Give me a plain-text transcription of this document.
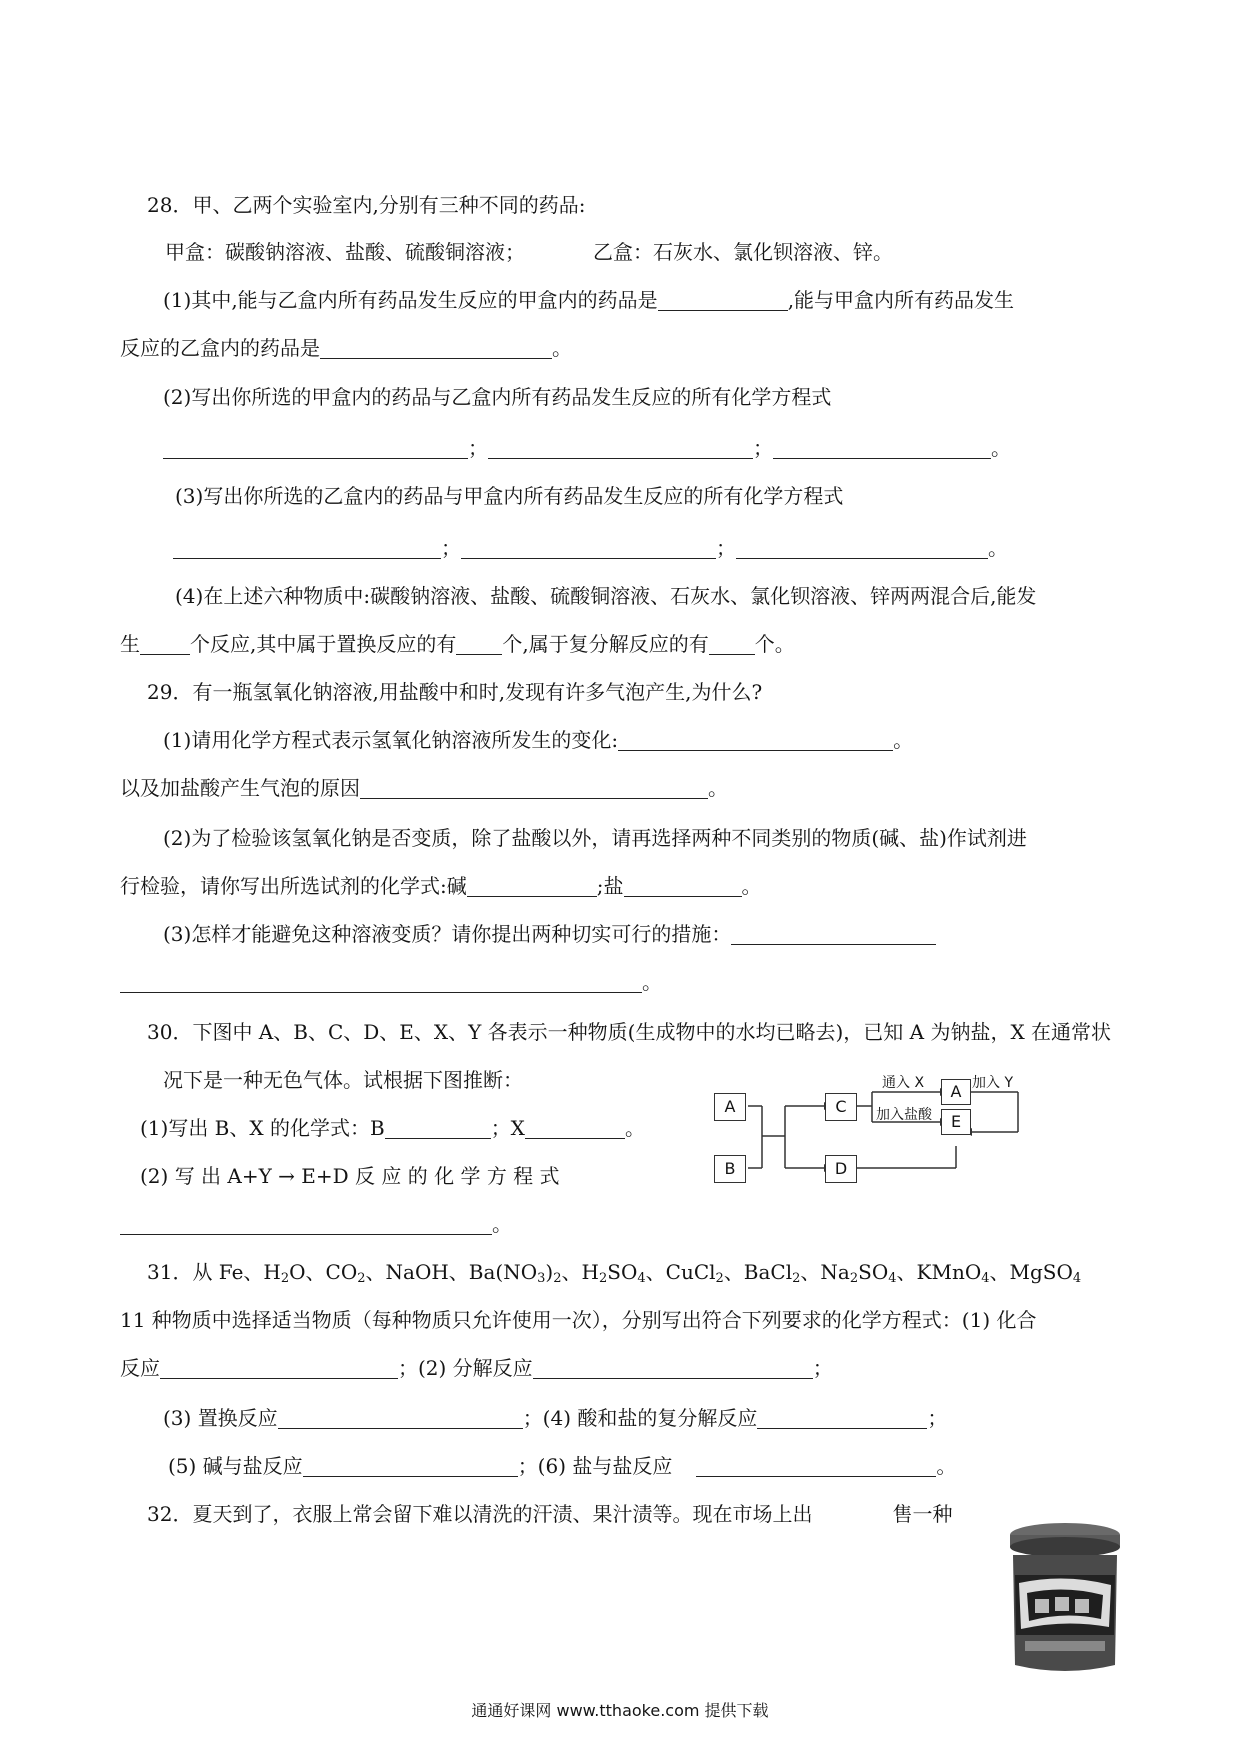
28．甲、乙两个实验室内,分别有三种不同的药品:
甲盒：碳酸钠溶液、盐酸、硫酸铜溶液；	乙盒：石灰水、氯化钡溶液、锌。
(1)其中,能与乙盒内所有药品发生反应的甲盒内的药品是	,能与甲盒内所有药品发生
反应的乙盒内的药品是	。
(2)写出你所选的甲盒内的药品与乙盒内所有药品发生反应的所有化学方程式
；	；	。
(3)写出你所选的乙盒内的药品与甲盒内所有药品发生反应的所有化学方程式
；	；	。
(4)在上述六种物质中:碳酸钠溶液、盐酸、硫酸铜溶液、石灰水、氯化钡溶液、锌两两混合后,能发
生	个反应,其中属于置换反应的有 个,属于复分解反应的有 个。
29．有一瓶氢氧化钠溶液,用盐酸中和时,发现有许多气泡产生,为什么?
(1)请用化学方程式表示氢氧化钠溶液所发生的变化:	。
以及加盐酸产生气泡的原因	。
(2)为了检验该氢氧化钠是否变质，除了盐酸以外，请再选择两种不同类别的物质(碱、盐)作试剂进
行检验，请你写出所选试剂的化学式:碱	;盐	。
(3)怎样才能避免这种溶液变质？请你提出两种切实可行的措施：
。
30．下图中 A、B、C、D、E、X、Y 各表示一种物质(生成物中的水均已略去)，已知 A 为钠盐，X 在通常状
况下是一种无色气体。试根据下图推断：
(1)写出 B、X 的化学式：B	；X	。
(2) 写 出 A+Y → E+D 反 应 的 化 学 方 程 式
。
A
B
C
D
A
E
通入 X	加入 Y
加入盐酸
31．从 Fe、$H_2O$、$CO_2$、NaOH、$Ba(NO_3)_2$、$H_2SO_4$、CuCl$_2$、BaCl$_2$、$Na_2SO_4$、KMnO$_4$、MgSO$_4$
11 种物质中选择适当物质（每种物质只允许使用一次），分别写出符合下列要求的化学方程式：(1) 化合
反应	；(2) 分解反应	；
(3) 置换反应	；(4) 酸和盐的复分解反应	；
(5) 碱与盐反应	；(6) 盐与盐反应	。
32．夏天到了，衣服上常会留下难以清洗的汗渍、果汁渍等。现在市场上出	售一种
通通好课网 www.tthaoke.com 提供下载
